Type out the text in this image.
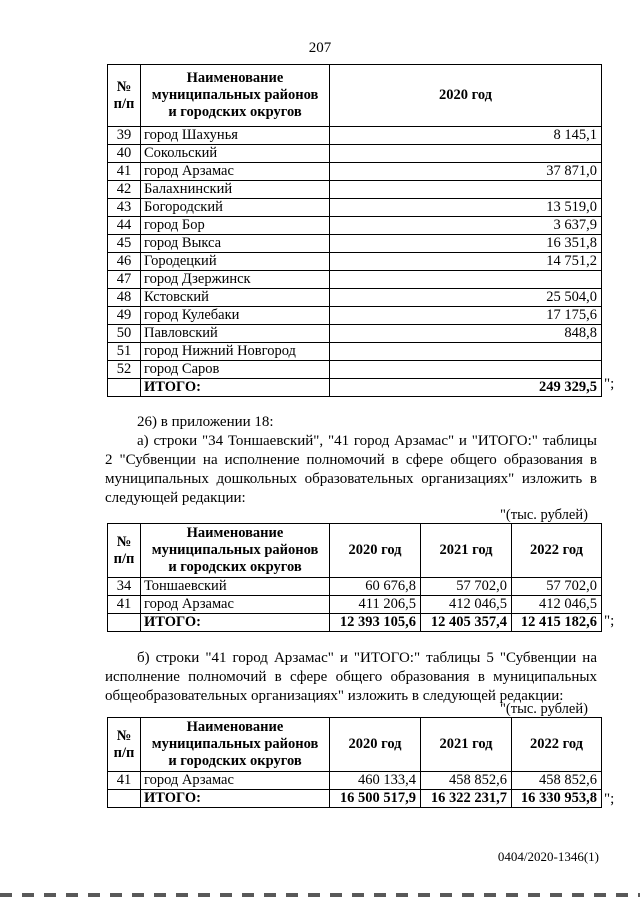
207
№
п/п	Наименование
муниципальных районов
и городских округов	2020 год
39	город Шахунья	8 145,1
40	Сокольский	
41	город Арзамас	37 871,0
42	Балахнинский	
43	Богородский	13 519,0
44	город Бор	3 637,9
45	город Выкса	16 351,8
46	Городецкий	14 751,2
47	город Дзержинск	
48	Кстовский	25 504,0
49	город Кулебаки	17 175,6
50	Павловский	848,8
51	город Нижний Новгород	
52	город Саров	
	ИТОГО:	249 329,5 ";
26) в приложении 18:
а) строки "34 Тоншаевский", "41 город Арзамас" и "ИТОГО:" таблицы 2 "Субвенции на исполнение полномочий в сфере общего образования в муниципальных дошкольных образовательных организациях" изложить в следующей редакции:
"(тыс. рублей)
№
п/п	Наименование
муниципальных районов
и городских округов	2020 год	2021 год	2022 год
34	Тоншаевский	60 676,8	57 702,0	57 702,0
41	город Арзамас	411 206,5	412 046,5	412 046,5
	ИТОГО:	12 393 105,6	12 405 357,4	12 415 182,6 ";
б) строки "41 город Арзамас" и "ИТОГО:" таблицы 5 "Субвенции на исполнение полномочий в сфере общего образования в муниципальных общеобразовательных организациях" изложить в следующей редакции:
"(тыс. рублей)
№
п/п	Наименование
муниципальных районов
и городских округов	2020 год	2021 год	2022 год
41	город Арзамас	460 133,4	458 852,6	458 852,6
	ИТОГО:	16 500 517,9	16 322 231,7	16 330 953,8 ";
0404/2020-1346(1)
